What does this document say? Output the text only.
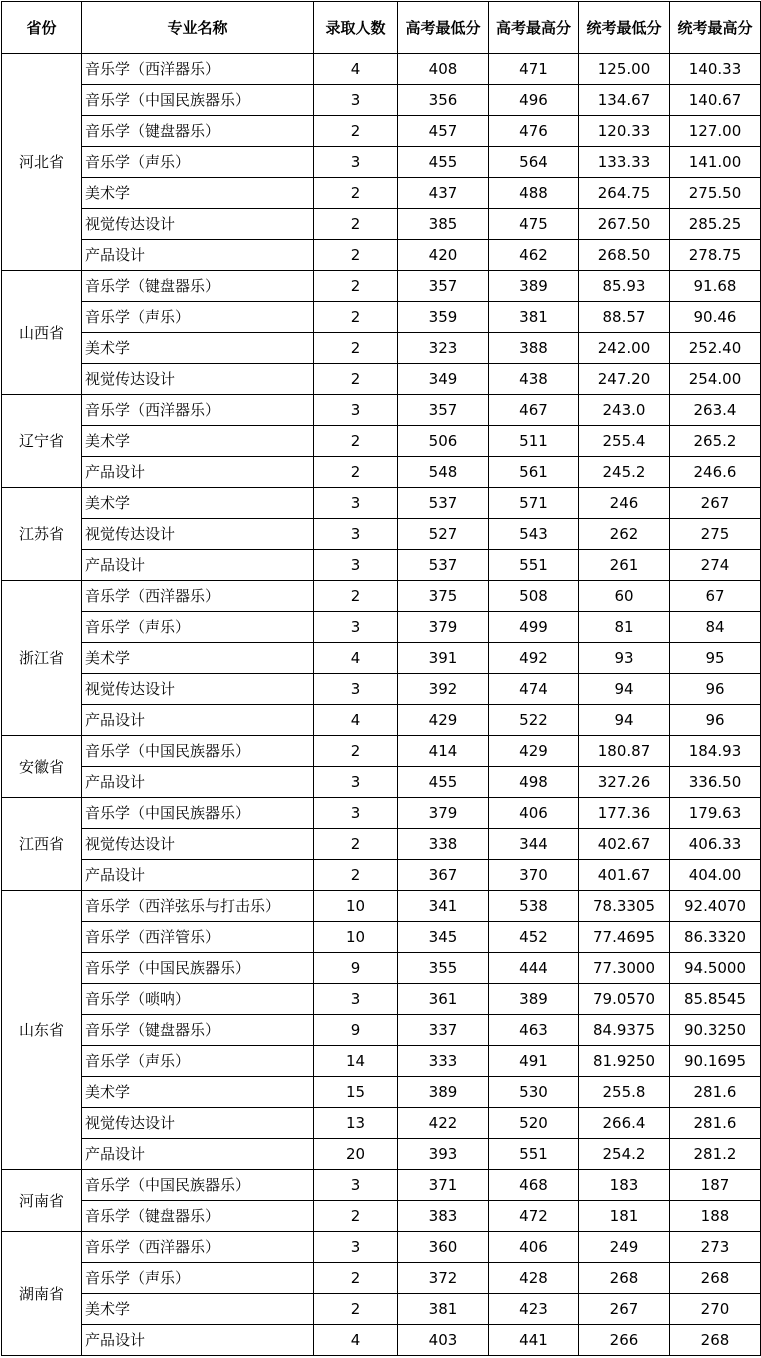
省份	专业名称	录取人数	高考最低分	高考最高分	统考最低分	统考最高分
河北省	音乐学（西洋器乐）	4	408	471	125.00	140.33
	音乐学（中国民族器乐）	3	356	496	134.67	140.67
	音乐学（键盘器乐）	2	457	476	120.33	127.00
	音乐学（声乐）	3	455	564	133.33	141.00
	美术学	2	437	488	264.75	275.50
	视觉传达设计	2	385	475	267.50	285.25
	产品设计	2	420	462	268.50	278.75
山西省	音乐学（键盘器乐）	2	357	389	85.93	91.68
	音乐学（声乐）	2	359	381	88.57	90.46
	美术学	2	323	388	242.00	252.40
	视觉传达设计	2	349	438	247.20	254.00
辽宁省	音乐学（西洋器乐）	3	357	467	243.0	263.4
	美术学	2	506	511	255.4	265.2
	产品设计	2	548	561	245.2	246.6
江苏省	美术学	3	537	571	246	267
	视觉传达设计	3	527	543	262	275
	产品设计	3	537	551	261	274
浙江省	音乐学（西洋器乐）	2	375	508	60	67
	音乐学（声乐）	3	379	499	81	84
	美术学	4	391	492	93	95
	视觉传达设计	3	392	474	94	96
	产品设计	4	429	522	94	96
安徽省	音乐学（中国民族器乐）	2	414	429	180.87	184.93
	产品设计	3	455	498	327.26	336.50
江西省	音乐学（中国民族器乐）	3	379	406	177.36	179.63
	视觉传达设计	2	338	344	402.67	406.33
	产品设计	2	367	370	401.67	404.00
山东省	音乐学（西洋弦乐与打击乐）	10	341	538	78.3305	92.4070
	音乐学（西洋管乐）	10	345	452	77.4695	86.3320
	音乐学（中国民族器乐）	9	355	444	77.3000	94.5000
	音乐学（唢呐）	3	361	389	79.0570	85.8545
	音乐学（键盘器乐）	9	337	463	84.9375	90.3250
	音乐学（声乐）	14	333	491	81.9250	90.1695
	美术学	15	389	530	255.8	281.6
	视觉传达设计	13	422	520	266.4	281.6
	产品设计	20	393	551	254.2	281.2
河南省	音乐学（中国民族器乐）	3	371	468	183	187
	音乐学（键盘器乐）	2	383	472	181	188
湖南省	音乐学（西洋器乐）	3	360	406	249	273
	音乐学（声乐）	2	372	428	268	268
	美术学	2	381	423	267	270
	产品设计	4	403	441	266	268
